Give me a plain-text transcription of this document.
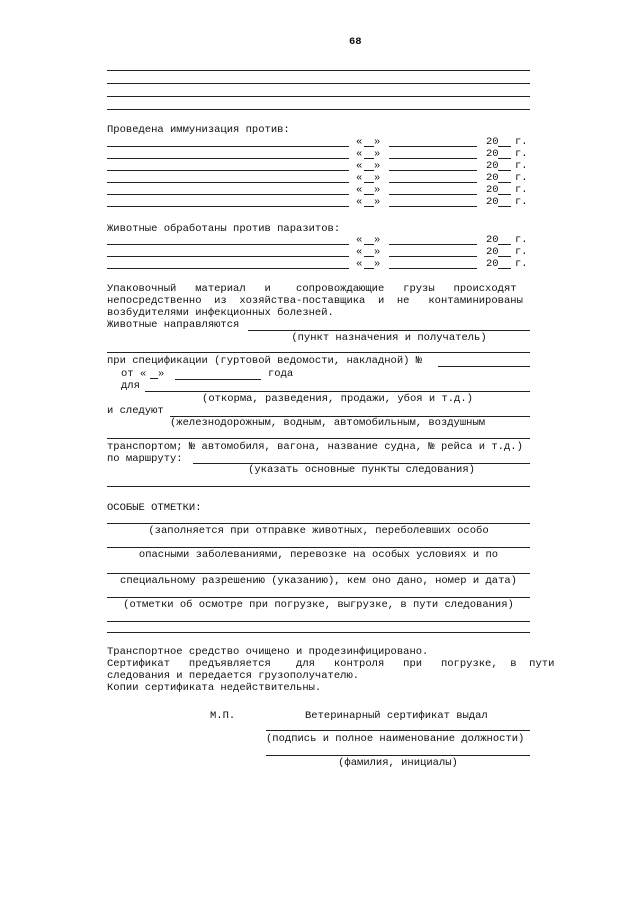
68
Проведена иммунизация против:
« »	20 г.
« »	20 г.
« »	20 г.
« »	20 г.
« »	20 г.
« »	20 г.
Животные обработаны против паразитов:
« »	20 г.
« »	20 г.
« »	20 г.
Упаковочный   материал   и    сопровождающие   грузы   происходят
непосредственно  из  хозяйства-поставщика  и  не   контаминированы
возбудителями инфекционных болезней.
Животные направляются
(пункт назначения и получатель)
при спецификации (гуртовой ведомости, накладной) №
от « »	года
для
(откорма, разведения, продажи, убоя и т.д.)
и следуют
(железнодорожным, водным, автомобильным, воздушным
транспортом; № автомобиля, вагона, название судна, № рейса и т.д.)
по маршруту:
(указать основные пункты следования)
ОСОБЫЕ ОТМЕТКИ:
(заполняется при отправке животных, переболевших особо
опасными заболеваниями, перевозке на особых условиях и по
специальному разрешению (указанию), кем оно дано, номер и дата)
(отметки об осмотре при погрузке, выгрузке, в пути следования)
Транспортное средство очищено и продезинфицировано.
Сертификат   предъявляется    для   контроля   при   погрузке,  в  пути
следования и передается грузополучателю.
Копии сертификата недействительны.
М.П.	Ветеринарный сертификат выдал
(подпись и полное наименование должности)
(фамилия, инициалы)
